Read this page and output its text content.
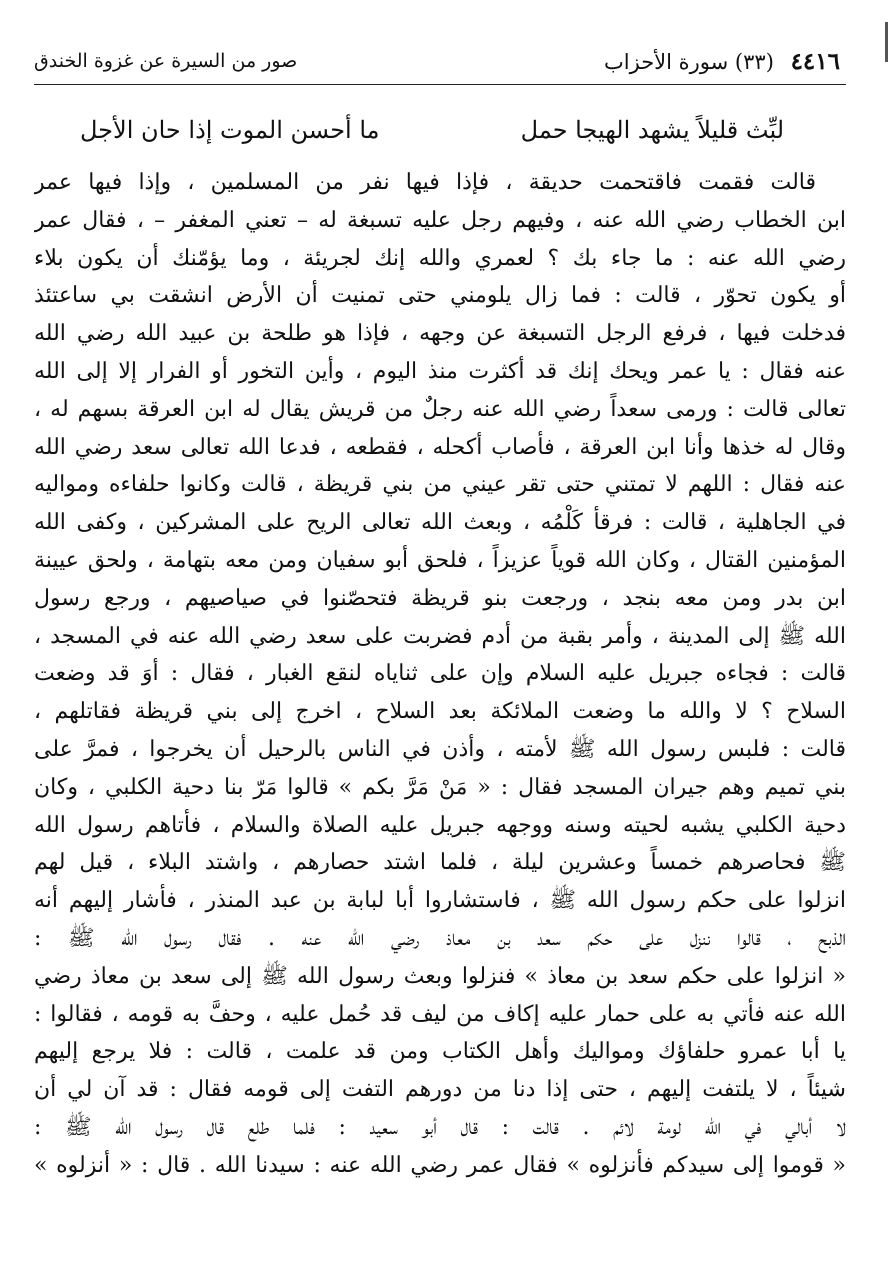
٤٤١٦ (٣٣) سورة الأحزاب
صور من السيرة عن غزوة الخندق
لبِّث قليلاً يشهد الهيجا حمل
ما أحسن الموت إذا حان الأجل
قالت فقمت فاقتحمت حديقة ، فإذا فيها نفر من المسلمين ، وإذا فيها عمر
ابن الخطاب رضي الله عنه ، وفيهم رجل عليه تسبغة له – تعني المغفر – ، فقال عمر
رضي الله عنه : ما جاء بك ؟ لعمري والله إنك لجريئة ، وما يؤمّنك أن يكون بلاء
أو يكون تحوّر ، قالت : فما زال يلومني حتى تمنيت أن الأرض انشقت بي ساعتئذ
فدخلت فيها ، فرفع الرجل التسبغة عن وجهه ، فإذا هو طلحة بن عبيد الله رضي الله
عنه فقال : يا عمر ويحك إنك قد أكثرت منذ اليوم ، وأين التخور أو الفرار إلا إلى الله
تعالى قالت : ورمى سعداً رضي الله عنه رجلٌ من قريش يقال له ابن العرقة بسهم له ،
وقال له خذها وأنا ابن العرقة ، فأصاب أكحله ، فقطعه ، فدعا الله تعالى سعد رضي الله
عنه فقال : اللهم لا تمتني حتى تقر عيني من بني قريظة ، قالت وكانوا حلفاءه ومواليه
في الجاهلية ، قالت : فرقأ كَلْمُه ، وبعث الله تعالى الريح على المشركين ، وكفى الله
المؤمنين القتال ، وكان الله قوياً عزيزاً ، فلحق أبو سفيان ومن معه بتهامة ، ولحق عيينة
ابن بدر ومن معه بنجد ، ورجعت بنو قريظة فتحصّنوا في صياصيهم ، ورجع رسول
الله ﷺ إلى المدينة ، وأمر بقبة من أدم فضربت على سعد رضي الله عنه في المسجد ،
قالت : فجاءه جبريل عليه السلام وإن على ثناياه لنقع الغبار ، فقال : أوَ قد وضعت
السلاح ؟ لا والله ما وضعت الملائكة بعد السلاح ، اخرج إلى بني قريظة فقاتلهم ،
قالت : فلبس رسول الله ﷺ لأمته ، وأذن في الناس بالرحيل أن يخرجوا ، فمرَّ على
بني تميم وهم جيران المسجد فقال : « مَنْ مَرَّ بكم » قالوا مَرّ بنا دحية الكلبي ، وكان
دحية الكلبي يشبه لحيته وسنه ووجهه جبريل عليه الصلاة والسلام ، فأتاهم رسول الله
ﷺ فحاصرهم خمساً وعشرين ليلة ، فلما اشتد حصارهم ، واشتد البلاء ، قيل لهم
انزلوا على حكم رسول الله ﷺ ، فاستشاروا أبا لبابة بن عبد المنذر ، فأشار إليهم أنه
الذبح ، قالوا ننزل على حكم سعد بن معاذ رضي الله عنه . فقال رسول الله ﷺ :
« انزلوا على حكم سعد بن معاذ » فنزلوا وبعث رسول الله ﷺ إلى سعد بن معاذ رضي
الله عنه فأتي به على حمار عليه إكاف من ليف قد حُمل عليه ، وحفَّ به قومه ، فقالوا :
يا أبا عمرو حلفاؤك ومواليك وأهل الكتاب ومن قد علمت ، قالت : فلا يرجع إليهم
شيئاً ، لا يلتفت إليهم ، حتى إذا دنا من دورهم التفت إلى قومه فقال : قد آن لي أن
لا أبالي في الله لومة لائم . قالت : قال أبو سعيد : فلما طلع قال رسول الله ﷺ :
« قوموا إلى سيدكم فأنزلوه » فقال عمر رضي الله عنه : سيدنا الله . قال : « أنزلوه »
